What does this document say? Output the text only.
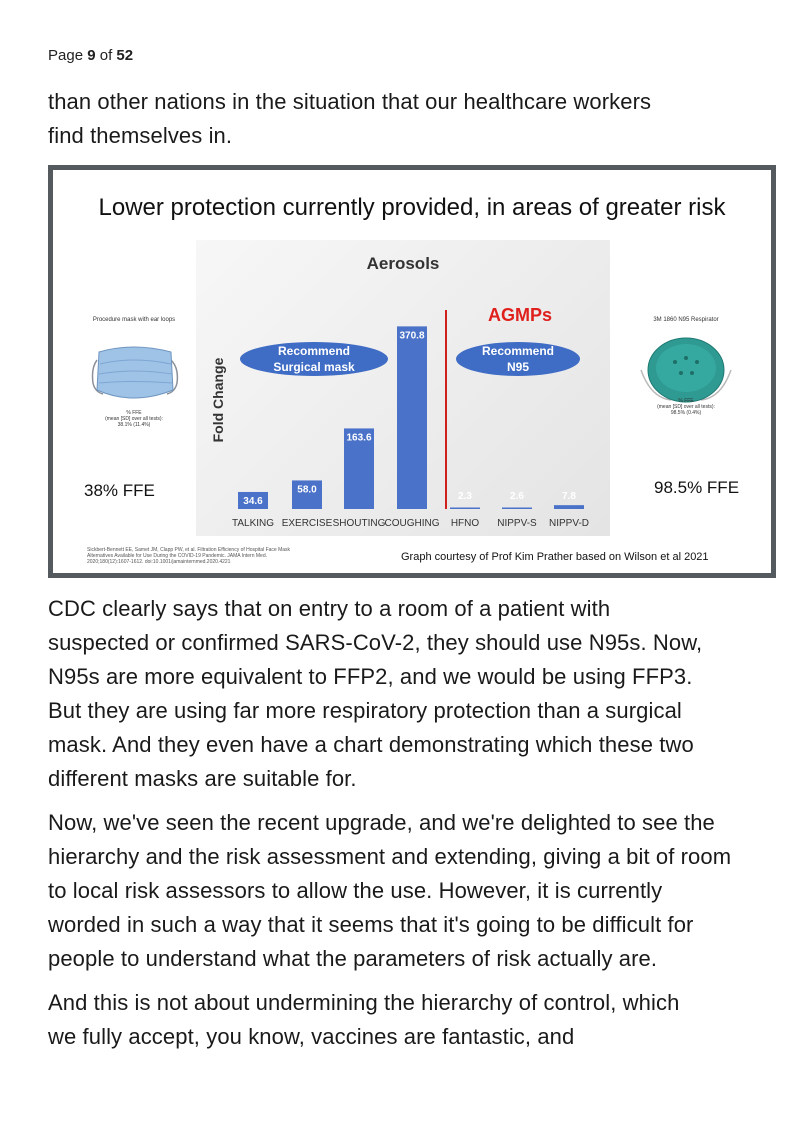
Page 9 of 52
than other nations in the situation that our healthcare workers
find themselves in.
Lower protection currently provided, in areas of greater risk
Procedure mask with ear loops
% FFE
(mean [SD] over all tests):
38.1% (11.4%)
38% FFE
3M 1860 N95 Respirator
% FFE
(mean [SD] over all tests):
98.5% (0.4%)
98.5% FFE
Aerosols
Fold Change
34.6
TALKING
58.0
EXERCISE
163.6
SHOUTING
370.8
COUGHING
2.3
HFNO
2.6
NIPPV-S
7.8
NIPPV-D
AGMPs
Recommend
Surgical mask
Recommend
N95
Sickbert-Bennett EE, Samet JM, Clapp PW, et al. Filtration Efficiency of Hospital Face Mask
Alternatives Available for Use During the COVID-19 Pandemic. JAMA Intern Med.
2020;180(12):1607-1612. doi:10.1001/jamainternmed.2020.4221	Graph courtesy of Prof Kim Prather based on Wilson et al 2021
CDC clearly says that on entry to a room of a patient with
suspected or confirmed SARS-CoV-2, they should use N95s. Now,
N95s are more equivalent to FFP2, and we would be using FFP3.
But they are using far more respiratory protection than a surgical
mask. And they even have a chart demonstrating which these two
different masks are suitable for.
Now, we've seen the recent upgrade, and we're delighted to see the
hierarchy and the risk assessment and extending, giving a bit of room
to local risk assessors to allow the use. However, it is currently
worded in such a way that it seems that it's going to be difficult for
people to understand what the parameters of risk actually are.
And this is not about undermining the hierarchy of control, which
we fully accept, you know, vaccines are fantastic, and
